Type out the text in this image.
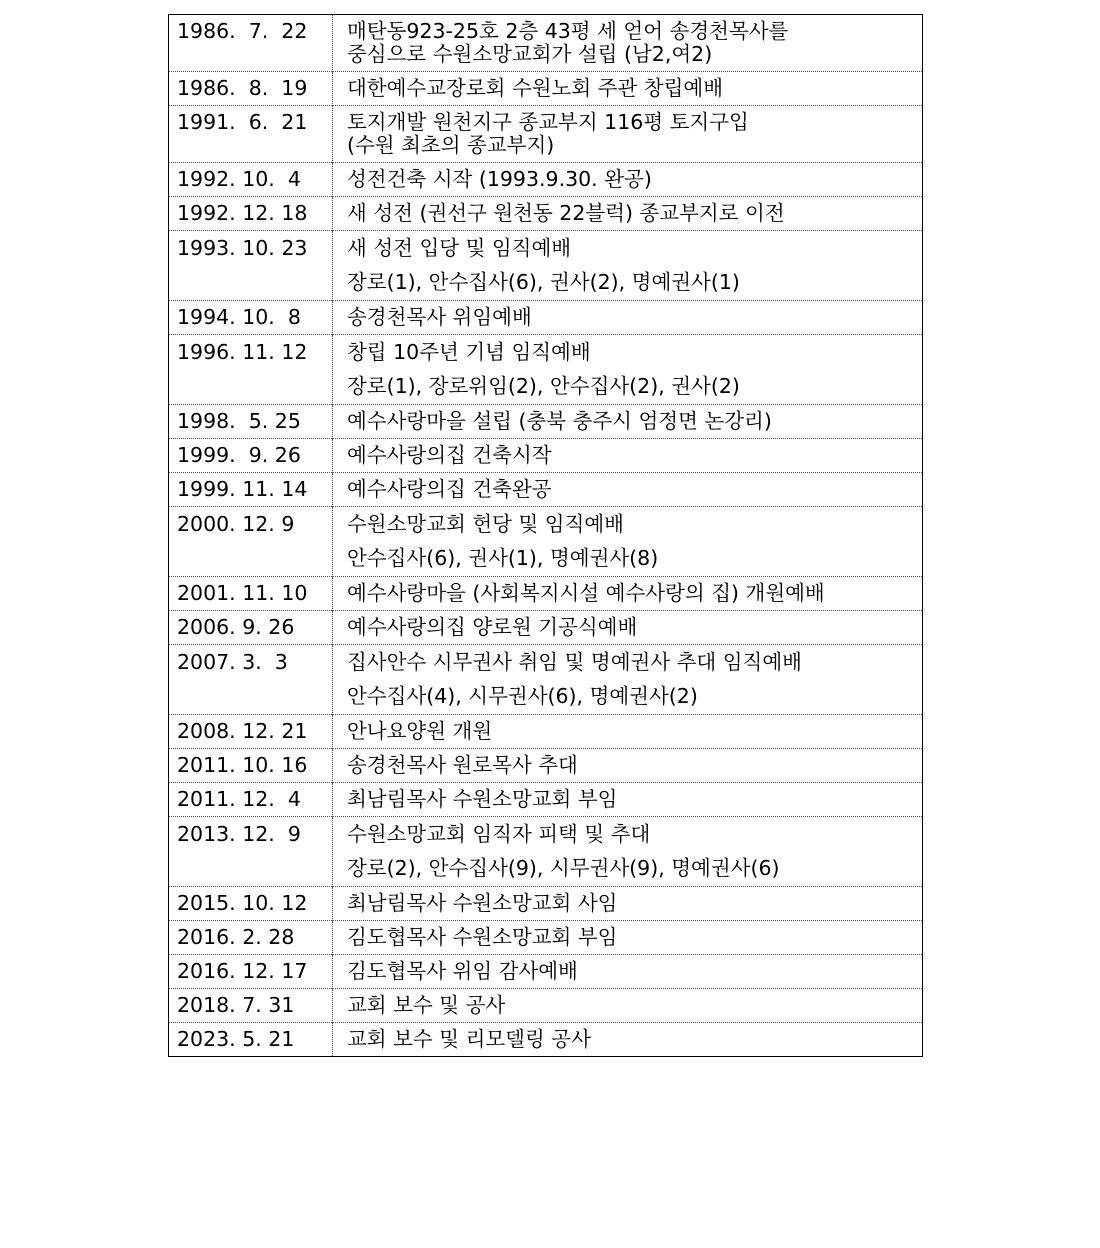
1986.  7.  22	매탄동923-25호 2층 43평 세 얻어 송경천목사를
중심으로 수원소망교회가 설립 (남2,여2)

1986.  8.  19	대한예수교장로회 수원노회 주관 창립예배

1991.  6.  21	토지개발 원천지구 종교부지 116평 토지구입
(수원 최초의 종교부지)

1992. 10.  4	성전건축 시작 (1993.9.30. 완공)

1992. 12. 18	새 성전 (권선구 원천동 22블럭) 종교부지로 이전

1993. 10. 23	새 성전 입당 및 임직예배
장로(1), 안수집사(6), 권사(2), 명예권사(1)

1994. 10.  8	송경천목사 위임예배

1996. 11. 12	창립 10주년 기념 임직예배
장로(1), 장로위임(2), 안수집사(2), 권사(2)

1998.  5. 25	예수사랑마을 설립 (충북 충주시 엄정면 논강리)

1999.  9. 26	예수사랑의집 건축시작

1999. 11. 14	예수사랑의집 건축완공

2000. 12. 9	수원소망교회 헌당 및 임직예배
안수집사(6), 권사(1), 명예권사(8)

2001. 11. 10	예수사랑마을 (사회복지시설 예수사랑의 집) 개원예배

2006. 9. 26	예수사랑의집 양로원 기공식예배

2007. 3.  3	집사안수 시무권사 취임 및 명예권사 추대 임직예배
안수집사(4), 시무권사(6), 명예권사(2)

2008. 12. 21	안나요양원 개원

2011. 10. 16	송경천목사 원로목사 추대

2011. 12.  4	최남림목사 수원소망교회 부임

2013. 12.  9	수원소망교회 임직자 피택 및 추대
장로(2), 안수집사(9), 시무권사(9), 명예권사(6)

2015. 10. 12	최남림목사 수원소망교회 사임

2016. 2. 28	김도협목사 수원소망교회 부임

2016. 12. 17	김도협목사 위임 감사예배

2018. 7. 31	교회 보수 및 공사

2023. 5. 21	교회 보수 및 리모델링 공사
